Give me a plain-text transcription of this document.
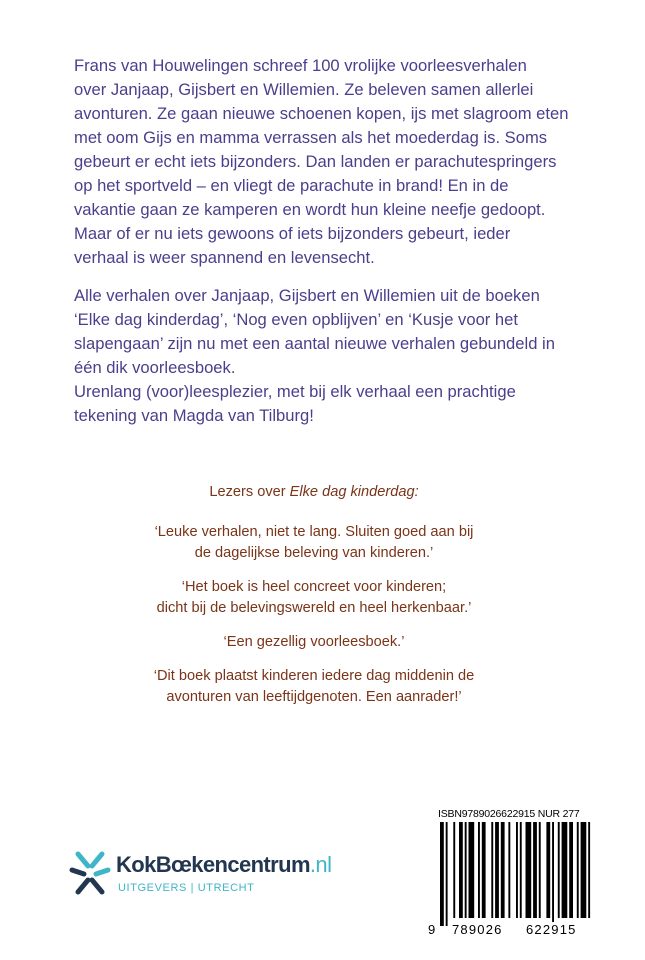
Frans van Houwelingen schreef 100 vrolijke voorleesverhalen
over Janjaap, Gijsbert en Willemien. Ze beleven samen allerlei
avonturen. Ze gaan nieuwe schoenen kopen, ijs met slagroom eten
met oom Gijs en mamma verrassen als het moederdag is. Soms
gebeurt er echt iets bijzonders. Dan landen er parachutespringers
op het sportveld – en vliegt de parachute in brand! En in de
vakantie gaan ze kamperen en wordt hun kleine neefje gedoopt.
Maar of er nu iets gewoons of iets bijzonders gebeurt, ieder
verhaal is weer spannend en levensecht.

Alle verhalen over Janjaap, Gijsbert en Willemien uit de boeken
‘Elke dag kinderdag’, ‘Nog even opblijven’ en ‘Kusje voor het
slapengaan’ zijn nu met een aantal nieuwe verhalen gebundeld in
één dik voorleesboek.

Urenlang (voor)leesplezier, met bij elk verhaal een prachtige
tekening van Magda van Tilburg!

Lezers over Elke dag kinderdag:
‘Leuke verhalen, niet te lang. Sluiten goed aan bij
de dagelijkse beleving van kinderen.’
‘Het boek is heel concreet voor kinderen;
dicht bij de belevingswereld en heel herkenbaar.’
‘Een gezellig voorleesboek.’
‘Dit boek plaatst kinderen iedere dag middenin de
avonturen van leeftijdgenoten. Een aanrader!’
KokBœkencentrum.nl
UITGEVERS | UTRECHT
ISBN9789026622915 NUR 277
9 789026 622915
